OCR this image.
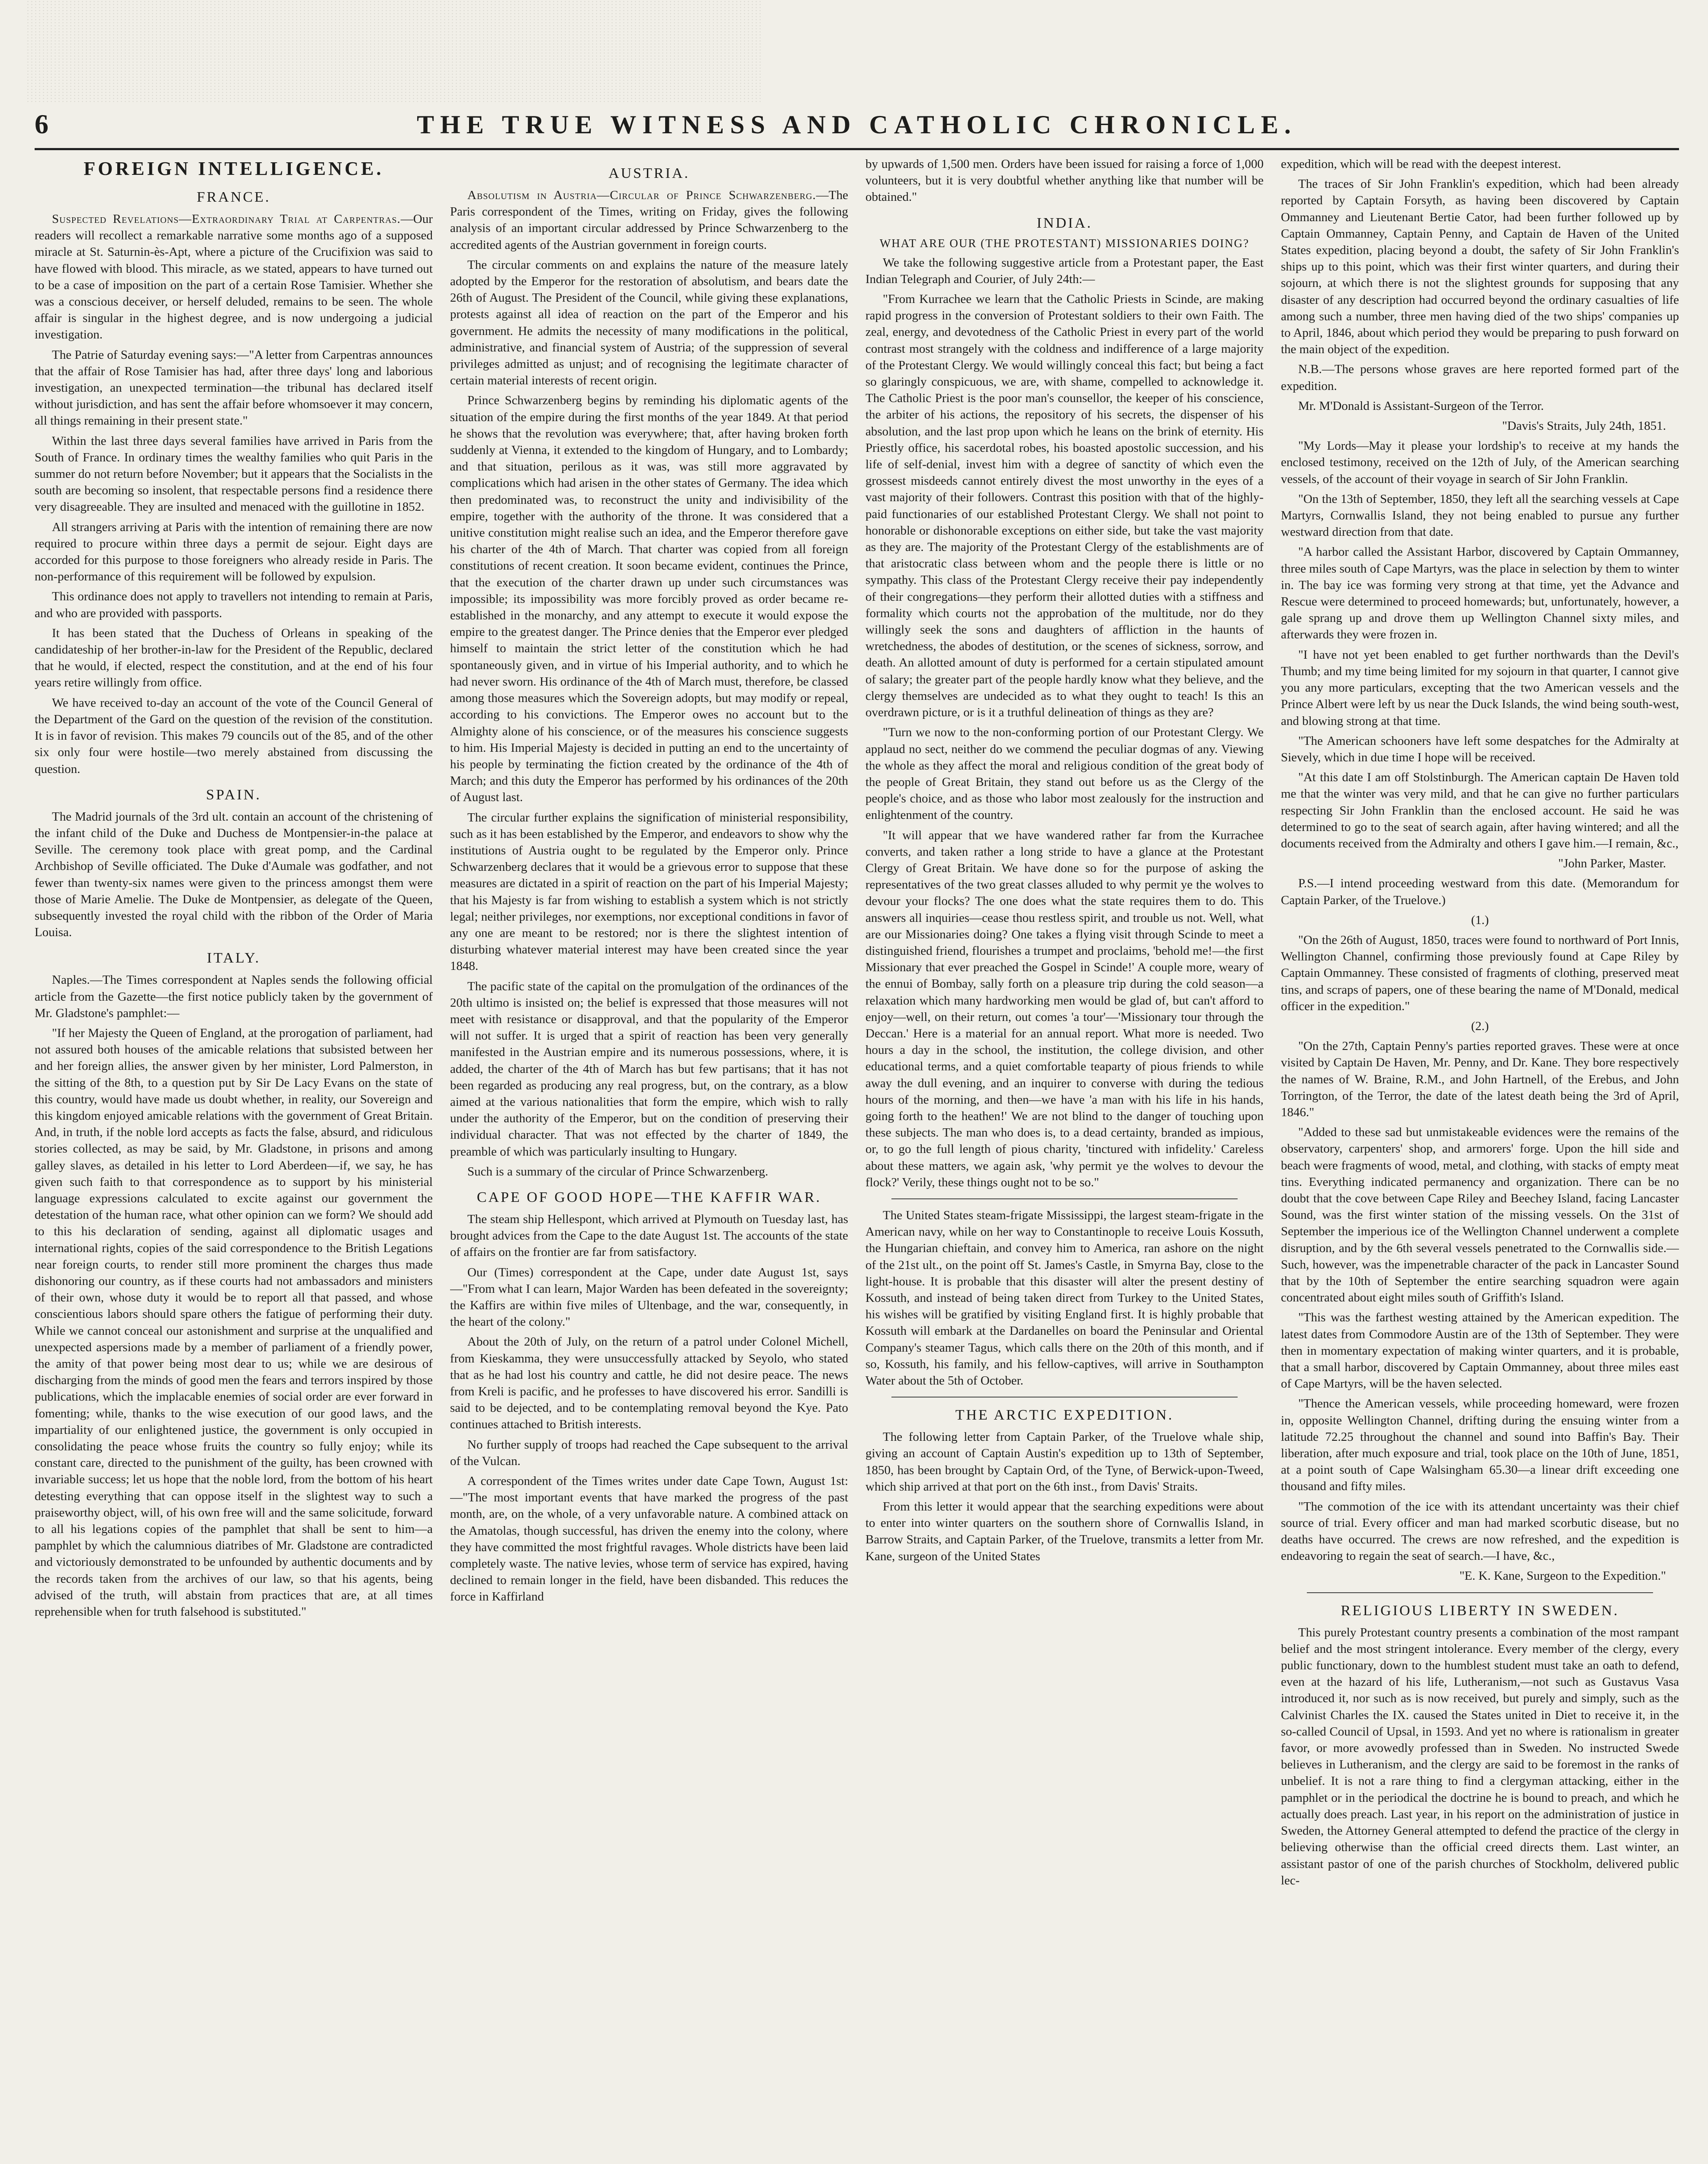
6	THE TRUE WITNESS AND CATHOLIC CHRONICLE.
FOREIGN INTELLIGENCE.
FRANCE.

Suspected Revelations—Extraordinary Trial at Carpentras.—Our readers will recollect a remarkable narrative some months ago of a supposed miracle at St. Saturnin-ès-Apt, where a picture of the Crucifixion was said to have flowed with blood. This miracle, as we stated, appears to have turned out to be a case of imposition on the part of a certain Rose Tamisier. Whether she was a conscious deceiver, or herself deluded, remains to be seen. The whole affair is singular in the highest degree, and is now undergoing a judicial investigation.

The Patrie of Saturday evening says:—"A letter from Carpentras announces that the affair of Rose Tamisier has had, after three days' long and laborious investigation, an unexpected termination—the tribunal has declared itself without jurisdiction, and has sent the affair before whomsoever it may concern, all things remaining in their present state."

Within the last three days several families have arrived in Paris from the South of France. In ordinary times the wealthy families who quit Paris in the summer do not return before November; but it appears that the Socialists in the south are becoming so insolent, that respectable persons find a residence there very disagreeable. They are insulted and menaced with the guillotine in 1852.

All strangers arriving at Paris with the intention of remaining there are now required to procure within three days a permit de sejour. Eight days are accorded for this purpose to those foreigners who already reside in Paris. The non-performance of this requirement will be followed by expulsion.

This ordinance does not apply to travellers not intending to remain at Paris, and who are provided with passports.

It has been stated that the Duchess of Orleans in speaking of the candidateship of her brother-in-law for the President of the Republic, declared that he would, if elected, respect the constitution, and at the end of his four years retire willingly from office.

We have received to-day an account of the vote of the Council General of the Department of the Gard on the question of the revision of the constitution. It is in favor of revision. This makes 79 councils out of the 85, and of the other six only four were hostile—two merely abstained from discussing the question.

SPAIN.

The Madrid journals of the 3rd ult. contain an account of the christening of the infant child of the Duke and Duchess de Montpensier-in-the palace at Seville. The ceremony took place with great pomp, and the Cardinal Archbishop of Seville officiated. The Duke d'Aumale was godfather, and not fewer than twenty-six names were given to the princess amongst them were those of Marie Amelie. The Duke de Montpensier, as delegate of the Queen, subsequently invested the royal child with the ribbon of the Order of Maria Louisa.

ITALY.

Naples.—The Times correspondent at Naples sends the following official article from the Gazette—the first notice publicly taken by the government of Mr. Gladstone's pamphlet:—

"If her Majesty the Queen of England, at the prorogation of parliament, had not assured both houses of the amicable relations that subsisted between her and her foreign allies, the answer given by her minister, Lord Palmerston, in the sitting of the 8th, to a question put by Sir De Lacy Evans on the state of this country, would have made us doubt whether, in reality, our Sovereign and this kingdom enjoyed amicable relations with the government of Great Britain. And, in truth, if the noble lord accepts as facts the false, absurd, and ridiculous stories collected, as may be said, by Mr. Gladstone, in prisons and among galley slaves, as detailed in his letter to Lord Aberdeen—if, we say, he has given such faith to that correspondence as to support by his ministerial language expressions calculated to excite against our government the detestation of the human race, what other opinion can we form? We should add to this his declaration of sending, against all diplomatic usages and international rights, copies of the said correspondence to the British Legations near foreign courts, to render still more prominent the charges thus made dishonoring our country, as if these courts had not ambassadors and ministers of their own, whose duty it would be to report all that passed, and whose conscientious labors should spare others the fatigue of performing their duty. While we cannot conceal our astonishment and surprise at the unqualified and unexpected aspersions made by a member of parliament of a friendly power, the amity of that power being most dear to us; while we are desirous of discharging from the minds of good men the fears and terrors inspired by those publications, which the implacable enemies of social order are ever forward in fomenting; while, thanks to the wise execution of our good laws, and the impartiality of our enlightened justice, the government is only occupied in consolidating the peace whose fruits the country so fully enjoy; while its constant care, directed to the punishment of the guilty, has been crowned with invariable success; let us hope that the noble lord, from the bottom of his heart detesting everything that can oppose itself in the slightest way to such a praiseworthy object, will, of his own free will and the same solicitude, forward to all his legations copies of the pamphlet that shall be sent to him—a pamphlet by which the calumnious diatribes of Mr. Gladstone are contradicted and victoriously demonstrated to be unfounded by authentic documents and by the records taken from the archives of our law, so that his agents, being advised of the truth, will abstain from practices that are, at all times reprehensible when for truth falsehood is substituted."

AUSTRIA.

Absolutism in Austria—Circular of Prince Schwarzenberg.—The Paris correspondent of the Times, writing on Friday, gives the following analysis of an important circular addressed by Prince Schwarzenberg to the accredited agents of the Austrian government in foreign courts.

The circular comments on and explains the nature of the measure lately adopted by the Emperor for the restoration of absolutism, and bears date the 26th of August. The President of the Council, while giving these explanations, protests against all idea of reaction on the part of the Emperor and his government. He admits the necessity of many modifications in the political, administrative, and financial system of Austria; of the suppression of several privileges admitted as unjust; and of recognising the legitimate character of certain material interests of recent origin.

Prince Schwarzenberg begins by reminding his diplomatic agents of the situation of the empire during the first months of the year 1849. At that period he shows that the revolution was everywhere; that, after having broken forth suddenly at Vienna, it extended to the kingdom of Hungary, and to Lombardy; and that situation, perilous as it was, was still more aggravated by complications which had arisen in the other states of Germany. The idea which then predominated was, to reconstruct the unity and indivisibility of the empire, together with the authority of the throne. It was considered that a unitive constitution might realise such an idea, and the Emperor therefore gave his charter of the 4th of March. That charter was copied from all foreign constitutions of recent creation. It soon became evident, continues the Prince, that the execution of the charter drawn up under such circumstances was impossible; its impossibility was more forcibly proved as order became re-established in the monarchy, and any attempt to execute it would expose the empire to the greatest danger. The Prince denies that the Emperor ever pledged himself to maintain the strict letter of the constitution which he had spontaneously given, and in virtue of his Imperial authority, and to which he had never sworn. His ordinance of the 4th of March must, therefore, be classed among those measures which the Sovereign adopts, but may modify or repeal, according to his convictions. The Emperor owes no account but to the Almighty alone of his conscience, or of the measures his conscience suggests to him. His Imperial Majesty is decided in putting an end to the uncertainty of his people by terminating the fiction created by the ordinance of the 4th of March; and this duty the Emperor has performed by his ordinances of the 20th of August last.

The circular further explains the signification of ministerial responsibility, such as it has been established by the Emperor, and endeavors to show why the institutions of Austria ought to be regulated by the Emperor only. Prince Schwarzenberg declares that it would be a grievous error to suppose that these measures are dictated in a spirit of reaction on the part of his Imperial Majesty; that his Majesty is far from wishing to establish a system which is not strictly legal; neither privileges, nor exemptions, nor exceptional conditions in favor of any one are meant to be restored; nor is there the slightest intention of disturbing whatever material interest may have been created since the year 1848.

The pacific state of the capital on the promulgation of the ordinances of the 20th ultimo is insisted on; the belief is expressed that those measures will not meet with resistance or disapproval, and that the popularity of the Emperor will not suffer. It is urged that a spirit of reaction has been very generally manifested in the Austrian empire and its numerous possessions, where, it is added, the charter of the 4th of March has but few partisans; that it has not been regarded as producing any real progress, but, on the contrary, as a blow aimed at the various nationalities that form the empire, which wish to rally under the authority of the Emperor, but on the condition of preserving their individual character. That was not effected by the charter of 1849, the preamble of which was particularly insulting to Hungary.

Such is a summary of the circular of Prince Schwarzenberg.

CAPE OF GOOD HOPE—THE KAFFIR WAR.

The steam ship Hellespont, which arrived at Plymouth on Tuesday last, has brought advices from the Cape to the date August 1st. The accounts of the state of affairs on the frontier are far from satisfactory.

Our (Times) correspondent at the Cape, under date August 1st, says—"From what I can learn, Major Warden has been defeated in the sovereignty; the Kaffirs are within five miles of Ultenbage, and the war, consequently, in the heart of the colony."

About the 20th of July, on the return of a patrol under Colonel Michell, from Kieskamma, they were unsuccessfully attacked by Seyolo, who stated that as he had lost his country and cattle, he did not desire peace. The news from Kreli is pacific, and he professes to have discovered his error. Sandilli is said to be dejected, and to be contemplating removal beyond the Kye. Pato continues attached to British interests.

No further supply of troops had reached the Cape subsequent to the arrival of the Vulcan.

A correspondent of the Times writes under date Cape Town, August 1st:—"The most important events that have marked the progress of the past month, are, on the whole, of a very unfavorable nature. A combined attack on the Amatolas, though successful, has driven the enemy into the colony, where they have committed the most frightful ravages. Whole districts have been laid completely waste. The native levies, whose term of service has expired, having declined to remain longer in the field, have been disbanded. This reduces the force in Kaffirland

by upwards of 1,500 men. Orders have been issued for raising a force of 1,000 volunteers, but it is very doubtful whether anything like that number will be obtained."

INDIA.
WHAT ARE OUR (THE PROTESTANT) MISSIONARIES DOING?

We take the following suggestive article from a Protestant paper, the East Indian Telegraph and Courier, of July 24th:—

"From Kurrachee we learn that the Catholic Priests in Scinde, are making rapid progress in the conversion of Protestant soldiers to their own Faith. The zeal, energy, and devotedness of the Catholic Priest in every part of the world contrast most strangely with the coldness and indifference of a large majority of the Protestant Clergy. We would willingly conceal this fact; but being a fact so glaringly conspicuous, we are, with shame, compelled to acknowledge it. The Catholic Priest is the poor man's counsellor, the keeper of his conscience, the arbiter of his actions, the repository of his secrets, the dispenser of his absolution, and the last prop upon which he leans on the brink of eternity. His Priestly office, his sacerdotal robes, his boasted apostolic succession, and his life of self-denial, invest him with a degree of sanctity of which even the grossest misdeeds cannot entirely divest the most unworthy in the eyes of a vast majority of their followers. Contrast this position with that of the highly-paid functionaries of our established Protestant Clergy. We shall not point to honorable or dishonorable exceptions on either side, but take the vast majority as they are. The majority of the Protestant Clergy of the establishments are of that aristocratic class between whom and the people there is little or no sympathy. This class of the Protestant Clergy receive their pay independently of their congregations—they perform their allotted duties with a stiffness and formality which courts not the approbation of the multitude, nor do they willingly seek the sons and daughters of affliction in the haunts of wretchedness, the abodes of destitution, or the scenes of sickness, sorrow, and death. An allotted amount of duty is performed for a certain stipulated amount of salary; the greater part of the people hardly know what they believe, and the clergy themselves are undecided as to what they ought to teach! Is this an overdrawn picture, or is it a truthful delineation of things as they are?

"Turn we now to the non-conforming portion of our Protestant Clergy. We applaud no sect, neither do we commend the peculiar dogmas of any. Viewing the whole as they affect the moral and religious condition of the great body of the people of Great Britain, they stand out before us as the Clergy of the people's choice, and as those who labor most zealously for the instruction and enlightenment of the country.

"It will appear that we have wandered rather far from the Kurrachee converts, and taken rather a long stride to have a glance at the Protestant Clergy of Great Britain. We have done so for the purpose of asking the representatives of the two great classes alluded to why permit ye the wolves to devour your flocks? The one does what the state requires them to do. This answers all inquiries—cease thou restless spirit, and trouble us not. Well, what are our Missionaries doing? One takes a flying visit through Scinde to meet a distinguished friend, flourishes a trumpet and proclaims, 'behold me!—the first Missionary that ever preached the Gospel in Scinde!' A couple more, weary of the ennui of Bombay, sally forth on a pleasure trip during the cold season—a relaxation which many hardworking men would be glad of, but can't afford to enjoy—well, on their return, out comes 'a tour'—'Missionary tour through the Deccan.' Here is a material for an annual report. What more is needed. Two hours a day in the school, the institution, the college division, and other educational terms, and a quiet comfortable teaparty of pious friends to while away the dull evening, and an inquirer to converse with during the tedious hours of the morning, and then—we have 'a man with his life in his hands, going forth to the heathen!' We are not blind to the danger of touching upon these subjects. The man who does is, to a dead certainty, branded as impious, or, to go the full length of pious charity, 'tinctured with infidelity.' Careless about these matters, we again ask, 'why permit ye the wolves to devour the flock?' Verily, these things ought not to be so."

The United States steam-frigate Mississippi, the largest steam-frigate in the American navy, while on her way to Constantinople to receive Louis Kossuth, the Hungarian chieftain, and convey him to America, ran ashore on the night of the 21st ult., on the point off St. James's Castle, in Smyrna Bay, close to the light-house. It is probable that this disaster will alter the present destiny of Kossuth, and instead of being taken direct from Turkey to the United States, his wishes will be gratified by visiting England first. It is highly probable that Kossuth will embark at the Dardanelles on board the Peninsular and Oriental Company's steamer Tagus, which calls there on the 20th of this month, and if so, Kossuth, his family, and his fellow-captives, will arrive in Southampton Water about the 5th of October.

THE ARCTIC EXPEDITION.

The following letter from Captain Parker, of the Truelove whale ship, giving an account of Captain Austin's expedition up to 13th of September, 1850, has been brought by Captain Ord, of the Tyne, of Berwick-upon-Tweed, which ship arrived at that port on the 6th inst., from Davis' Straits.

From this letter it would appear that the searching expeditions were about to enter into winter quarters on the southern shore of Cornwallis Island, in Barrow Straits, and Captain Parker, of the Truelove, transmits a letter from Mr. Kane, surgeon of the United States

expedition, which will be read with the deepest interest.

The traces of Sir John Franklin's expedition, which had been already reported by Captain Forsyth, as having been discovered by Captain Ommanney and Lieutenant Bertie Cator, had been further followed up by Captain Ommanney, Captain Penny, and Captain de Haven of the United States expedition, placing beyond a doubt, the safety of Sir John Franklin's ships up to this point, which was their first winter quarters, and during their sojourn, at which there is not the slightest grounds for supposing that any disaster of any description had occurred beyond the ordinary casualties of life among such a number, three men having died of the two ships' companies up to April, 1846, about which period they would be preparing to push forward on the main object of the expedition.

N.B.—The persons whose graves are here reported formed part of the expedition.

Mr. M'Donald is Assistant-Surgeon of the Terror.

"Davis's Straits, July 24th, 1851.

"My Lords—May it please your lordship's to receive at my hands the enclosed testimony, received on the 12th of July, of the American searching vessels, of the account of their voyage in search of Sir John Franklin.

"On the 13th of September, 1850, they left all the searching vessels at Cape Martyrs, Cornwallis Island, they not being enabled to pursue any further westward direction from that date.

"A harbor called the Assistant Harbor, discovered by Captain Ommanney, three miles south of Cape Martyrs, was the place in selection by them to winter in. The bay ice was forming very strong at that time, yet the Advance and Rescue were determined to proceed homewards; but, unfortunately, however, a gale sprang up and drove them up Wellington Channel sixty miles, and afterwards they were frozen in.

"I have not yet been enabled to get further northwards than the Devil's Thumb; and my time being limited for my sojourn in that quarter, I cannot give you any more particulars, excepting that the two American vessels and the Prince Albert were left by us near the Duck Islands, the wind being south-west, and blowing strong at that time.

"The American schooners have left some despatches for the Admiralty at Sievely, which in due time I hope will be received.

"At this date I am off Stolstinburgh. The American captain De Haven told me that the winter was very mild, and that he can give no further particulars respecting Sir John Franklin than the enclosed account. He said he was determined to go to the seat of search again, after having wintered; and all the documents received from the Admiralty and others I gave him.—I remain, &c.,

"John Parker, Master.

P.S.—I intend proceeding westward from this date. (Memorandum for Captain Parker, of the Truelove.)

(1.)

"On the 26th of August, 1850, traces were found to northward of Port Innis, Wellington Channel, confirming those previously found at Cape Riley by Captain Ommanney. These consisted of fragments of clothing, preserved meat tins, and scraps of papers, one of these bearing the name of M'Donald, medical officer in the expedition."

(2.)

"On the 27th, Captain Penny's parties reported graves. These were at once visited by Captain De Haven, Mr. Penny, and Dr. Kane. They bore respectively the names of W. Braine, R.M., and John Hartnell, of the Erebus, and John Torrington, of the Terror, the date of the latest death being the 3rd of April, 1846."

"Added to these sad but unmistakeable evidences were the remains of the observatory, carpenters' shop, and armorers' forge. Upon the hill side and beach were fragments of wood, metal, and clothing, with stacks of empty meat tins. Everything indicated permanency and organization. There can be no doubt that the cove between Cape Riley and Beechey Island, facing Lancaster Sound, was the first winter station of the missing vessels. On the 31st of September the imperious ice of the Wellington Channel underwent a complete disruption, and by the 6th several vessels penetrated to the Cornwallis side.—Such, however, was the impenetrable character of the pack in Lancaster Sound that by the 10th of September the entire searching squadron were again concentrated about eight miles south of Griffith's Island.

"This was the farthest westing attained by the American expedition. The latest dates from Commodore Austin are of the 13th of September. They were then in momentary expectation of making winter quarters, and it is probable, that a small harbor, discovered by Captain Ommanney, about three miles east of Cape Martyrs, will be the haven selected.

"Thence the American vessels, while proceeding homeward, were frozen in, opposite Wellington Channel, drifting during the ensuing winter from a latitude 72.25 throughout the channel and sound into Baffin's Bay. Their liberation, after much exposure and trial, took place on the 10th of June, 1851, at a point south of Cape Walsingham 65.30—a linear drift exceeding one thousand and fifty miles.

"The commotion of the ice with its attendant uncertainty was their chief source of trial. Every officer and man had marked scorbutic disease, but no deaths have occurred. The crews are now refreshed, and the expedition is endeavoring to regain the seat of search.—I have, &c.,

"E. K. Kane, Surgeon to the Expedition."

RELIGIOUS LIBERTY IN SWEDEN.

This purely Protestant country presents a combination of the most rampant belief and the most stringent intolerance. Every member of the clergy, every public functionary, down to the humblest student must take an oath to defend, even at the hazard of his life, Lutheranism,—not such as Gustavus Vasa introduced it, nor such as is now received, but purely and simply, such as the Calvinist Charles the IX. caused the States united in Diet to receive it, in the so-called Council of Upsal, in 1593. And yet no where is rationalism in greater favor, or more avowedly professed than in Sweden. No instructed Swede believes in Lutheranism, and the clergy are said to be foremost in the ranks of unbelief. It is not a rare thing to find a clergyman attacking, either in the pamphlet or in the periodical the doctrine he is bound to preach, and which he actually does preach. Last year, in his report on the administration of justice in Sweden, the Attorney General attempted to defend the practice of the clergy in believing otherwise than the official creed directs them. Last winter, an assistant pastor of one of the parish churches of Stockholm, delivered public lec-
